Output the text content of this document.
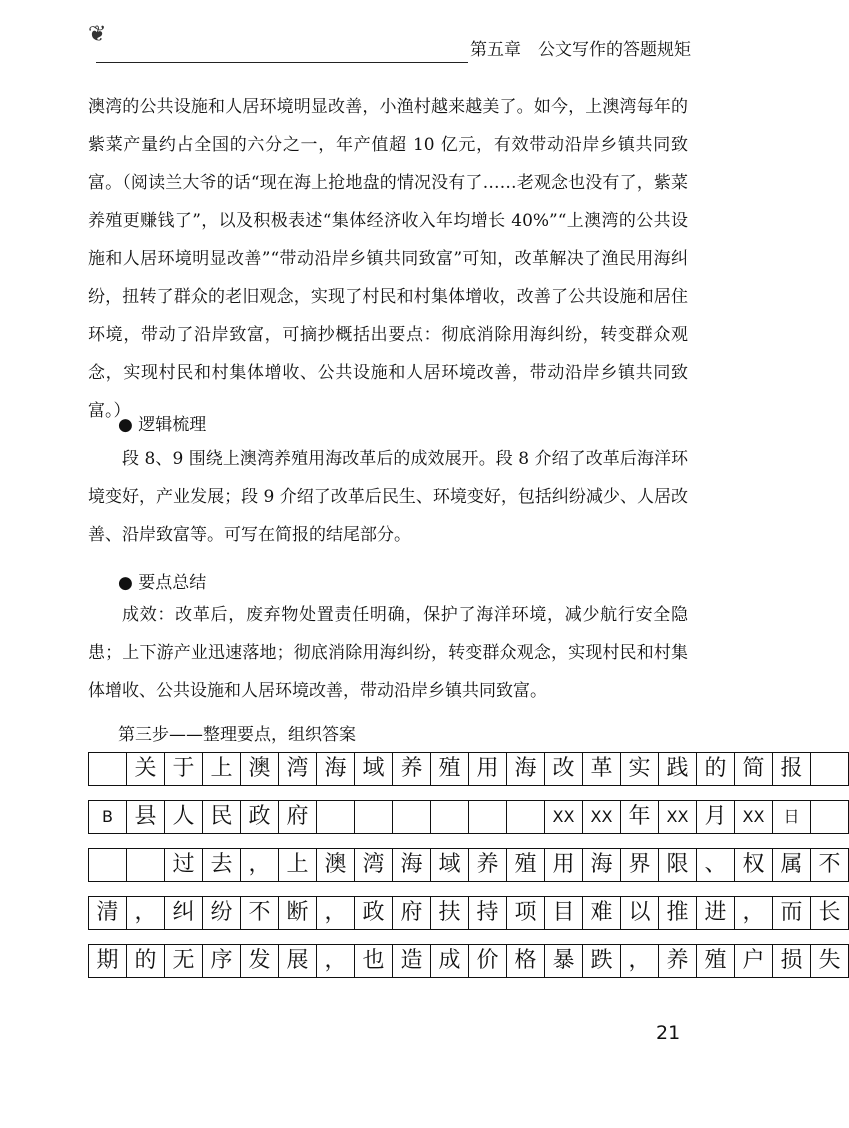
❦
第五章　公文写作的答题规矩

澳湾的公共设施和人居环境明显改善，小渔村越来越美了。如今，上澳湾每年的紫菜产量约占全国的六分之一，年产值超 10 亿元，有效带动沿岸乡镇共同致富。（阅读兰大爷的话“现在海上抢地盘的情况没有了……老观念也没有了，紫菜养殖更赚钱了”，以及积极表述“集体经济收入年均增长 40%”“上澳湾的公共设施和人居环境明显改善”“带动沿岸乡镇共同致富”可知，改革解决了渔民用海纠纷，扭转了群众的老旧观念，实现了村民和村集体增收，改善了公共设施和居住环境，带动了沿岸致富，可摘抄概括出要点：彻底消除用海纠纷，转变群众观念，实现村民和村集体增收、公共设施和人居环境改善，带动沿岸乡镇共同致富。）

● 逻辑梳理

段 8、9 围绕上澳湾养殖用海改革后的成效展开。段 8 介绍了改革后海洋环境变好，产业发展；段 9 介绍了改革后民生、环境变好，包括纠纷减少、人居改善、沿岸致富等。可写在简报的结尾部分。

● 要点总结

成效：改革后，废弃物处置责任明确，保护了海洋环境，减少航行安全隐患；上下游产业迅速落地；彻底消除用海纠纷，转变群众观念，实现村民和村集体增收、公共设施和人居环境改善，带动沿岸乡镇共同致富。

第三步——整理要点，组织答案
	关	于	上	澳	湾	海	域	养	殖	用	海	改	革	实	践	的	简	报	

B	县	人	民	政	府							XX	XX	年	XX	月	XX	日	

		过	去	，	上	澳	湾	海	域	养	殖	用	海	界	限	、	权	属	不

清	，	纠	纷	不	断	，	政	府	扶	持	项	目	难	以	推	进	，	而	长

期	的	无	序	发	展	，	也	造	成	价	格	暴	跌	，	养	殖	户	损	失
21
